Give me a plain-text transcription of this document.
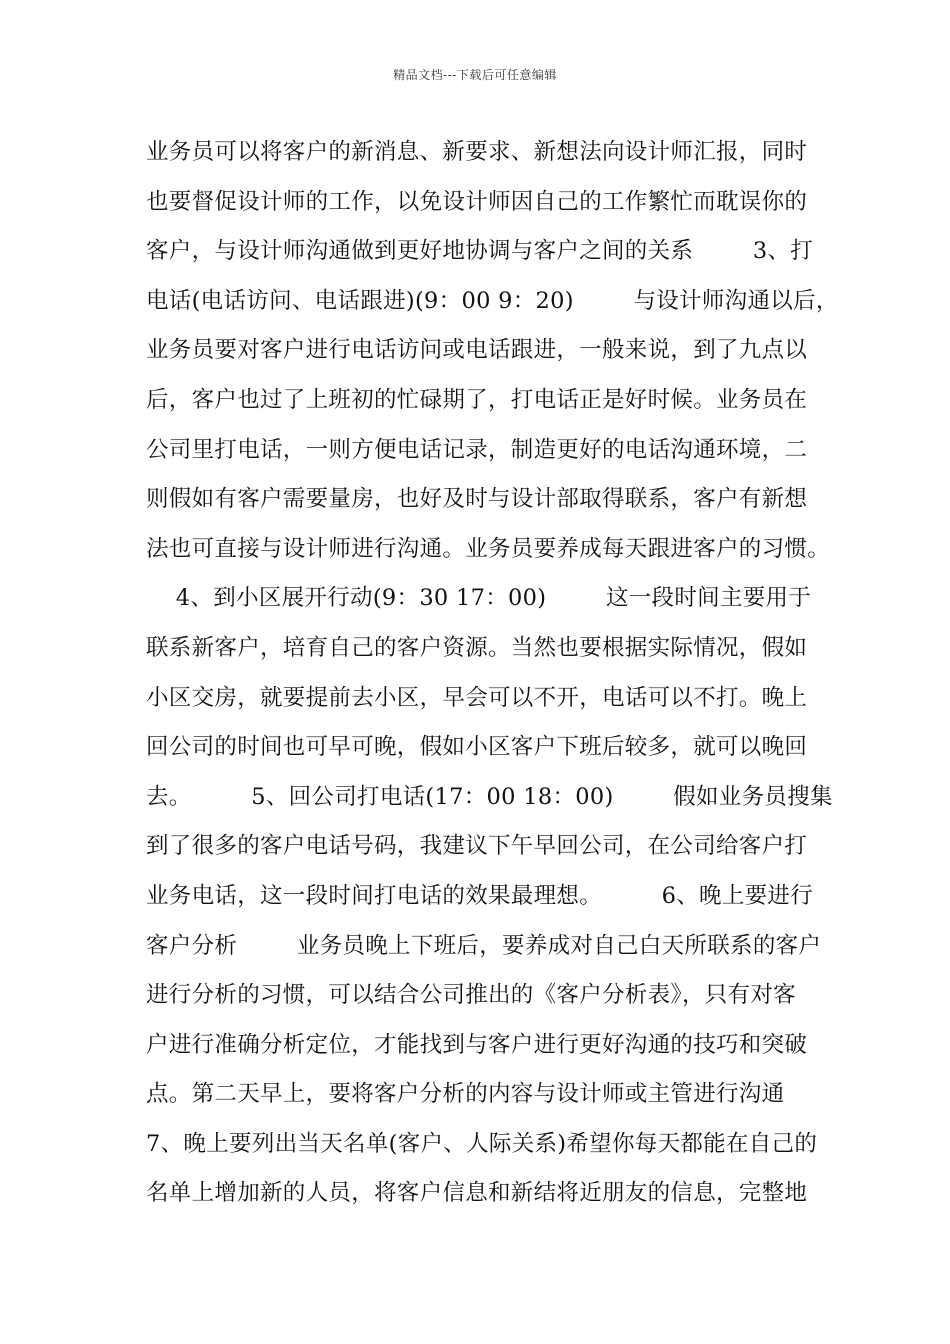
精品文档---下载后可任意编辑
业务员可以将客户的新消息、新要求、新想法向设计师汇报，同时
也要督促设计师的工作，以免设计师因自己的工作繁忙而耽误你的
客户，与设计师沟通做到更好地协调与客户之间的关系        3、打
电话(电话访问、电话跟进)(9：00 9：20)        与设计师沟通以后，
业务员要对客户进行电话访问或电话跟进，一般来说，到了九点以
后，客户也过了上班初的忙碌期了，打电话正是好时候。业务员在
公司里打电话，一则方便电话记录，制造更好的电话沟通环境，二
则假如有客户需要量房，也好及时与设计部取得联系，客户有新想
法也可直接与设计师进行沟通。业务员要养成每天跟进客户的习惯。
4、到小区展开行动(9：30 17：00)        这一段时间主要用于
联系新客户，培育自己的客户资源。当然也要根据实际情况，假如
小区交房，就要提前去小区，早会可以不开，电话可以不打。晚上
回公司的时间也可早可晚，假如小区客户下班后较多，就可以晚回
去。        5、回公司打电话(17：00 18：00)        假如业务员搜集
到了很多的客户电话号码，我建议下午早回公司，在公司给客户打
业务电话，这一段时间打电话的效果最理想。        6、晚上要进行
客户分析        业务员晚上下班后，要养成对自己白天所联系的客户
进行分析的习惯，可以结合公司推出的《客户分析表》，只有对客
户进行准确分析定位，才能找到与客户进行更好沟通的技巧和突破
点。第二天早上，要将客户分析的内容与设计师或主管进行沟通
7、晚上要列出当天名单(客户、人际关系)希望你每天都能在自己的
名单上增加新的人员，将客户信息和新结将近朋友的信息，完整地
